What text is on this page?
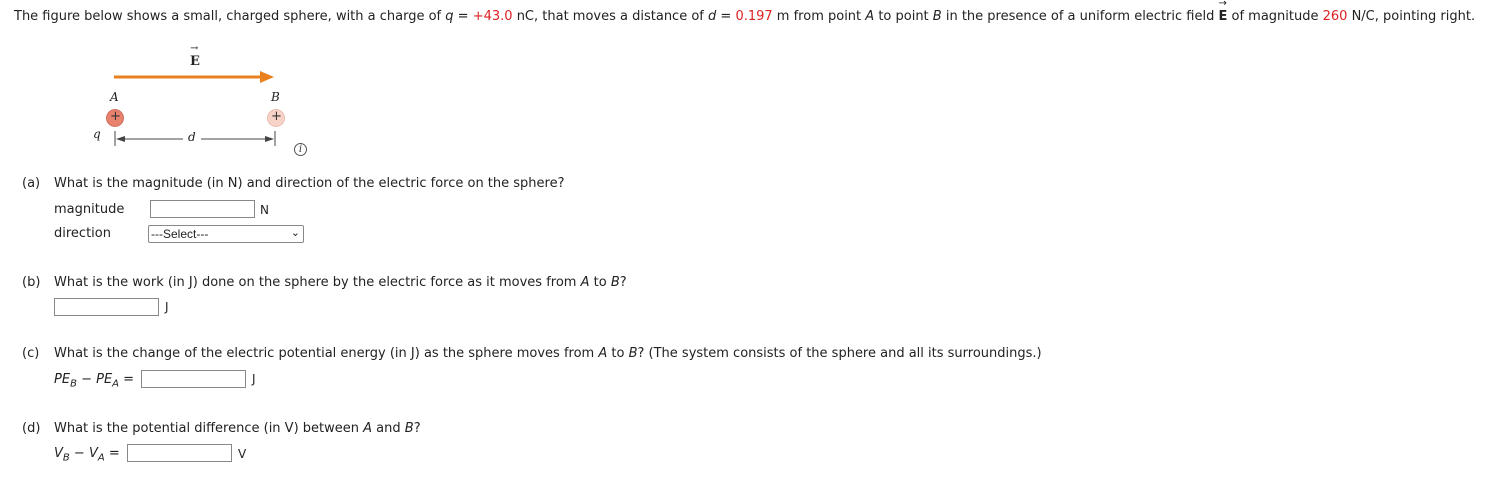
The figure below shows a small, charged sphere, with a charge of q = +43.0 nC, that moves a distance of d = 0.197 m from point A to point B in the presence of a uniform electric field → E of magnitude 260 N/C, pointing right.
→ E
A	B
+	+
q	d
i
(a) What is the magnitude (in N) and direction of the electric force on the sphere?
magnitude	N
direction	---Select---	⌄
(b) What is the work (in J) done on the sphere by the electric force as it moves from A to B?
J
(c) What is the change of the electric potential energy (in J) as the sphere moves from A to B? (The system consists of the sphere and all its surroundings.)
$PE_B - PE_A$ =	J
(d) What is the potential difference (in V) between A and B?
$V_B - V_A$ =	V
